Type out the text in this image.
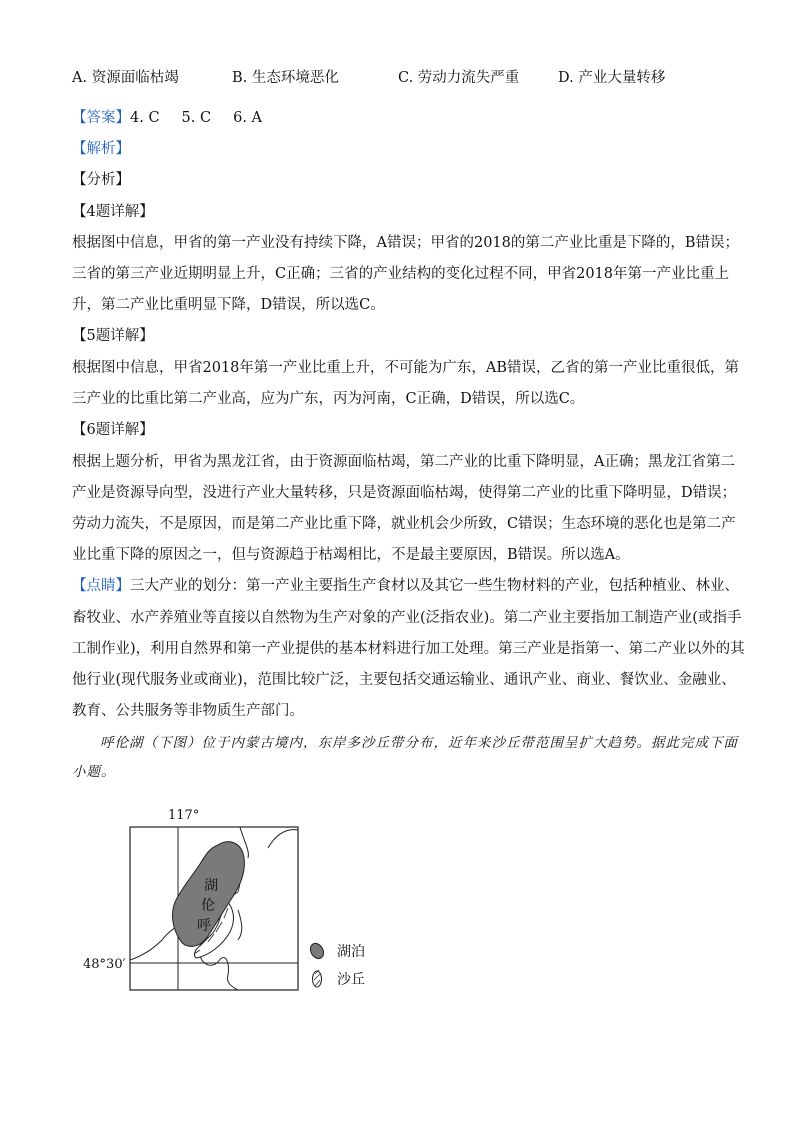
A. 资源面临枯竭	B. 生态环境恶化	C. 劳动力流失严重	D. 产业大量转移
【答案】4. C 5. C 6. A
【解析】
【分析】
【4题详解】
根据图中信息，甲省的第一产业没有持续下降，A错误；甲省的2018的第二产业比重是下降的，B错误；
三省的第三产业近期明显上升，C正确；三省的产业结构的变化过程不同，甲省2018年第一产业比重上
升，第二产业比重明显下降，D错误，所以选C。
【5题详解】
根据图中信息，甲省2018年第一产业比重上升，不可能为广东，AB错误，乙省的第一产业比重很低，第
三产业的比重比第二产业高，应为广东，丙为河南，C正确，D错误，所以选C。
【6题详解】
根据上题分析，甲省为黑龙江省，由于资源面临枯竭，第二产业的比重下降明显，A正确；黑龙江省第二
产业是资源导向型，没进行产业大量转移，只是资源面临枯竭，使得第二产业的比重下降明显，D错误；
劳动力流失，不是原因，而是第二产业比重下降，就业机会少所致，C错误；生态环境的恶化也是第二产
业比重下降的原因之一，但与资源趋于枯竭相比，不是最主要原因，B错误。所以选A。
【点睛】三大产业的划分：第一产业主要指生产食材以及其它一些生物材料的产业，包括种植业、林业、
畜牧业、水产养殖业等直接以自然物为生产对象的产业(泛指农业)。第二产业主要指加工制造产业(或指手
工制作业)，利用自然界和第一产业提供的基本材料进行加工处理。第三产业是指第一、第二产业以外的其
他行业(现代服务业或商业)，范围比较广泛，主要包括交通运输业、通讯产业、商业、餐饮业、金融业、
教育、公共服务等非物质生产部门。
呼伦湖（下图）位于内蒙古境内，东岸多沙丘带分布，近年来沙丘带范围呈扩大趋势。据此完成下面
小题。
湖
伦
呼
117°
48°30′
湖泊
沙丘
